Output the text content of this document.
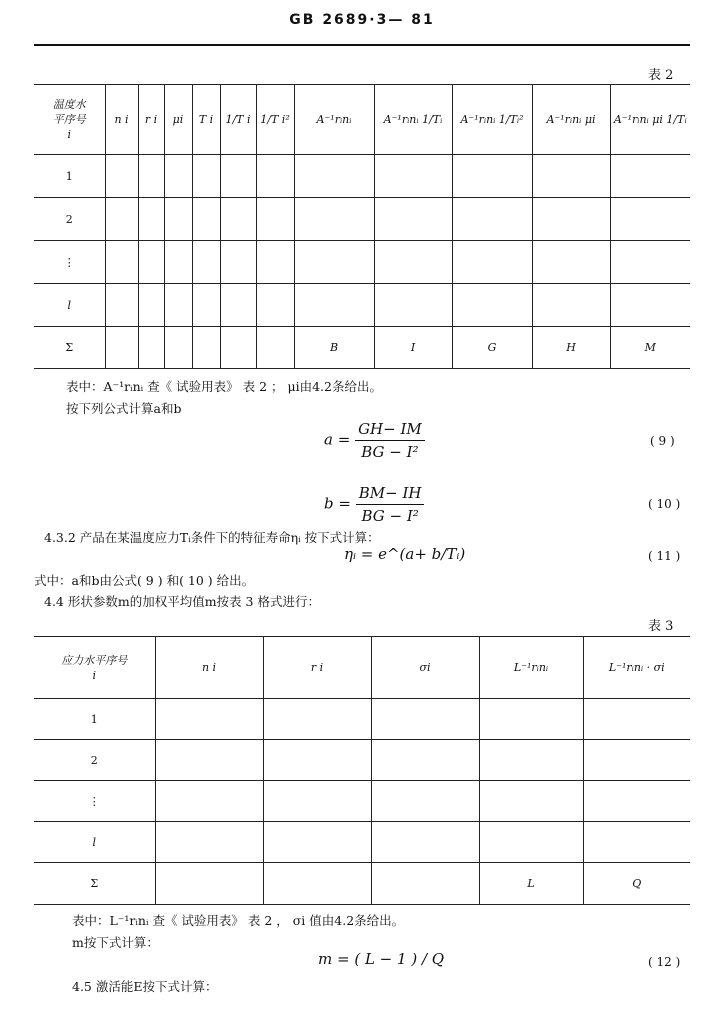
GB 2689·3— 81
表 2
温度水
平序号
i	n i	r i	μi	T i	1/T i	1/T i²	A⁻¹rᵢnᵢ	A⁻¹rᵢnᵢ 1/Tᵢ	A⁻¹rᵢnᵢ 1/Tᵢ²	A⁻¹rᵢnᵢ μi	A⁻¹rᵢnᵢ μi 1/Tᵢ
1											
2											
⋮											
l											
Σ							B	I	G	H	M
表中：A⁻¹rᵢnᵢ 查《 试验用表》 表 2 ； μi由4.2条给出。
按下列公式计算a和b
$a = \frac{GH- IM}{\text{BG − I²}}$	( 9 )
$b = \frac{BM- IH}{\text{BG − I²}}$	( 10 )
4.3.2 产品在某温度应力Tᵢ条件下的特征寿命ηᵢ 按下式计算：
ηᵢ = e^(a+ b/Tᵢ)	( 11 )
式中：a和b由公式( 9 ) 和( 10 ) 给出。
4.4 形状参数m的加权平均值m按表 3 格式进行：
表 3
应力水平序号
i	n i	r i	σi	L⁻¹rᵢnᵢ	L⁻¹rᵢnᵢ · σi
1					
2					
⋮					
l					
Σ				L	Q
表中：L⁻¹rᵢnᵢ 查《 试验用表》 表 2 ， σi 值由4.2条给出。
m按下式计算：
m = ( L − 1 ) / Q	( 12 )
4.5 激活能E按下式计算：
